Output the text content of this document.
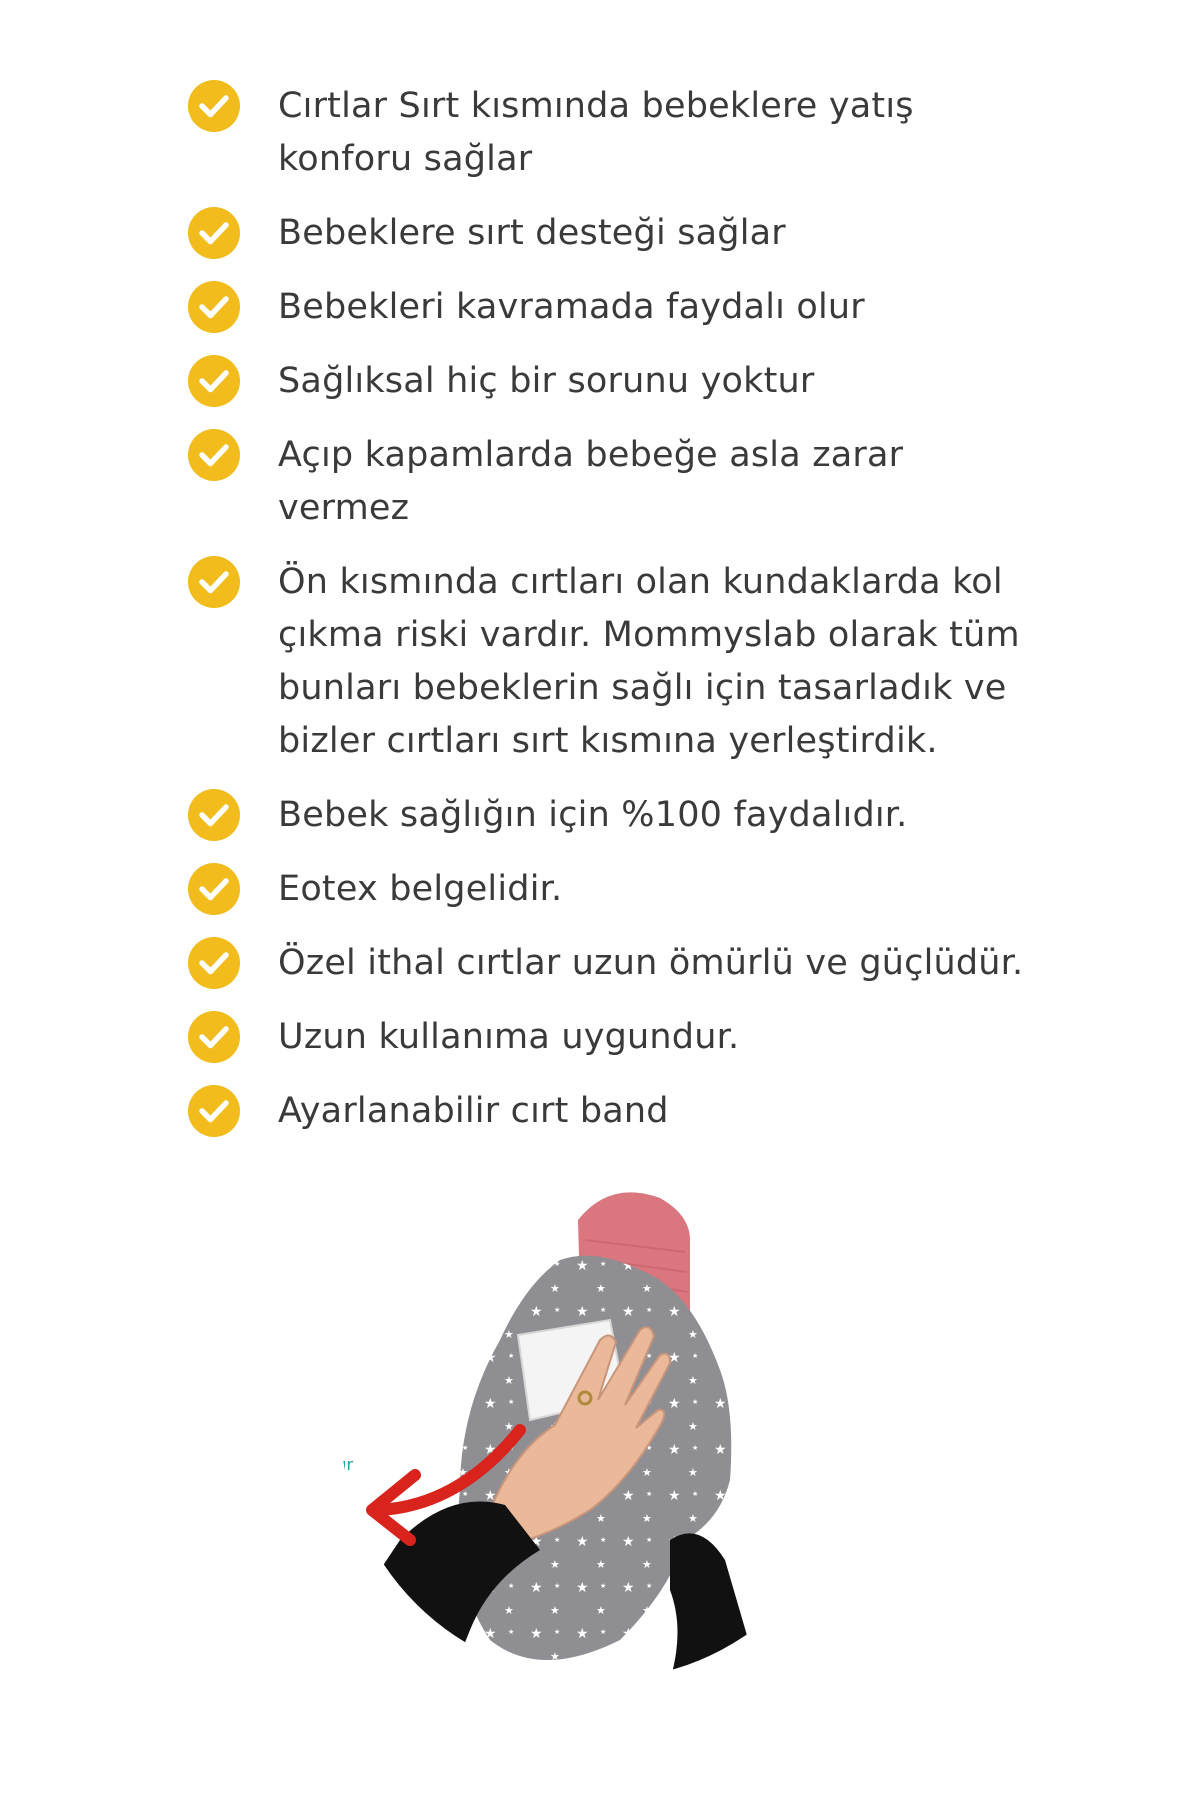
Cırtlar Sırt kısmında bebeklere yatış
konforu sağlar
Bebeklere sırt desteği sağlar
Bebekleri kavramada faydalı olur
Sağlıksal hiç bir sorunu yoktur
Açıp kapamlarda bebeğe asla zarar
vermez
Ön kısmında cırtları olan kundaklarda kol
çıkma riski vardır. Mommyslab olarak tüm
bunları bebeklerin sağlı için tasarladık ve
bizler cırtları sırt kısmına yerleştirdik.
Bebek sağlığın için %100 faydalıdır.
Eotex belgelidir.
Özel ithal cırtlar uzun ömürlü ve güçlüdür.
Uzun kullanıma uygundur.
Ayarlanabilir cırt band
ır
